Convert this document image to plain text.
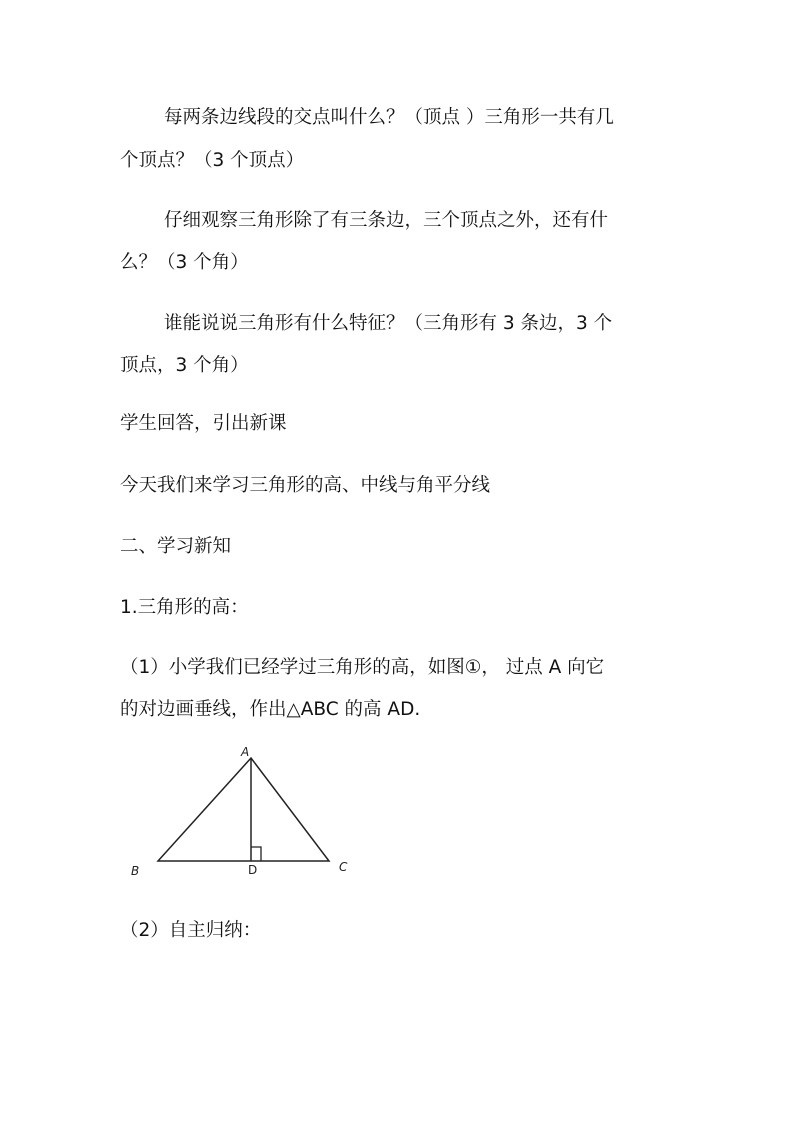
每两条边线段的交点叫什么？（顶点 ）三角形一共有几
个顶点？（3 个顶点）
仔细观察三角形除了有三条边，三个顶点之外，还有什
么？（3 个角）
谁能说说三角形有什么特征？（三角形有 3 条边，3 个
顶点，3 个角）
学生回答，引出新课
今天我们来学习三角形的高、中线与角平分线
二、学习新知
1.三角形的高：
（1）小学我们已经学过三角形的高，如图①， 过点 A 向它
的对边画垂线，作出△ABC 的高 AD.
A
B	C
D
（2）自主归纳：
